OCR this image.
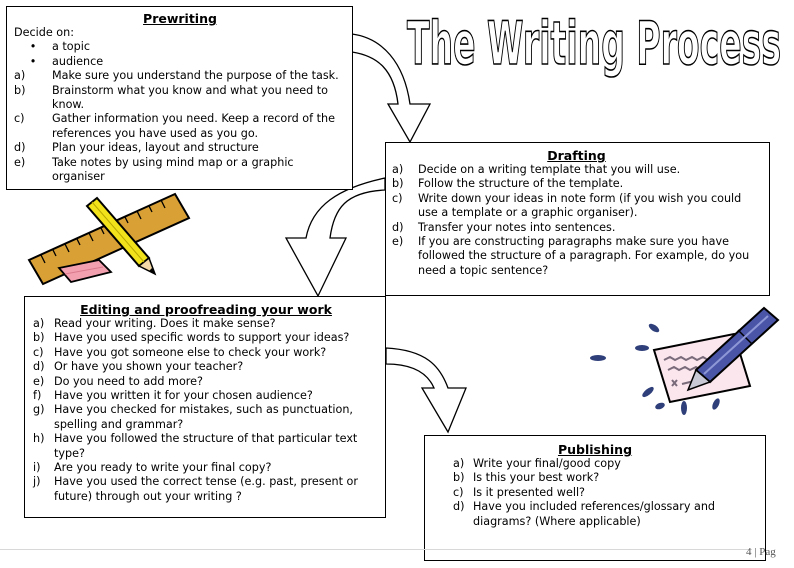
The Writing Process
Prewriting
Decide on:
•	a topic
•	audience
a)	Make sure you understand the purpose of the task.
b)	Brainstorm what you know and what you need to know.
c)	Gather information you need. Keep a record of the references you have used as you go.
d)	Plan your ideas, layout and structure
e)	Take notes by using mind map or a graphic organiser
Drafting
a)	Decide on a writing template that you will use.
b)	Follow the structure of the template.
c)	Write down your ideas in note form (if you wish you could use a template or a graphic organiser).
d)	Transfer your notes into sentences.
e)	If you are constructing paragraphs make sure you have followed the structure of a paragraph. For example, do you need a topic sentence?
Editing and proofreading your work
a) Read your writing. Does it make sense?
b) Have you used specific words to support your ideas?
c) Have you got someone else to check your work?
d) Or have you shown your teacher?
e) Do you need to add more?
f)	Have you written it for your chosen audience?
g) Have you checked for mistakes, such as punctuation, spelling and grammar?
h) Have you followed the structure of that particular text type?
i)	Are you ready to write your final copy?
j)	Have you used the correct tense (e.g. past, present or future) through out your writing ?
Publishing
a) Write your final/good copy
b) Is this your best work?
c) Is it presented well?
d) Have you included references/glossary and diagrams? (Where applicable)
4 | Pag
